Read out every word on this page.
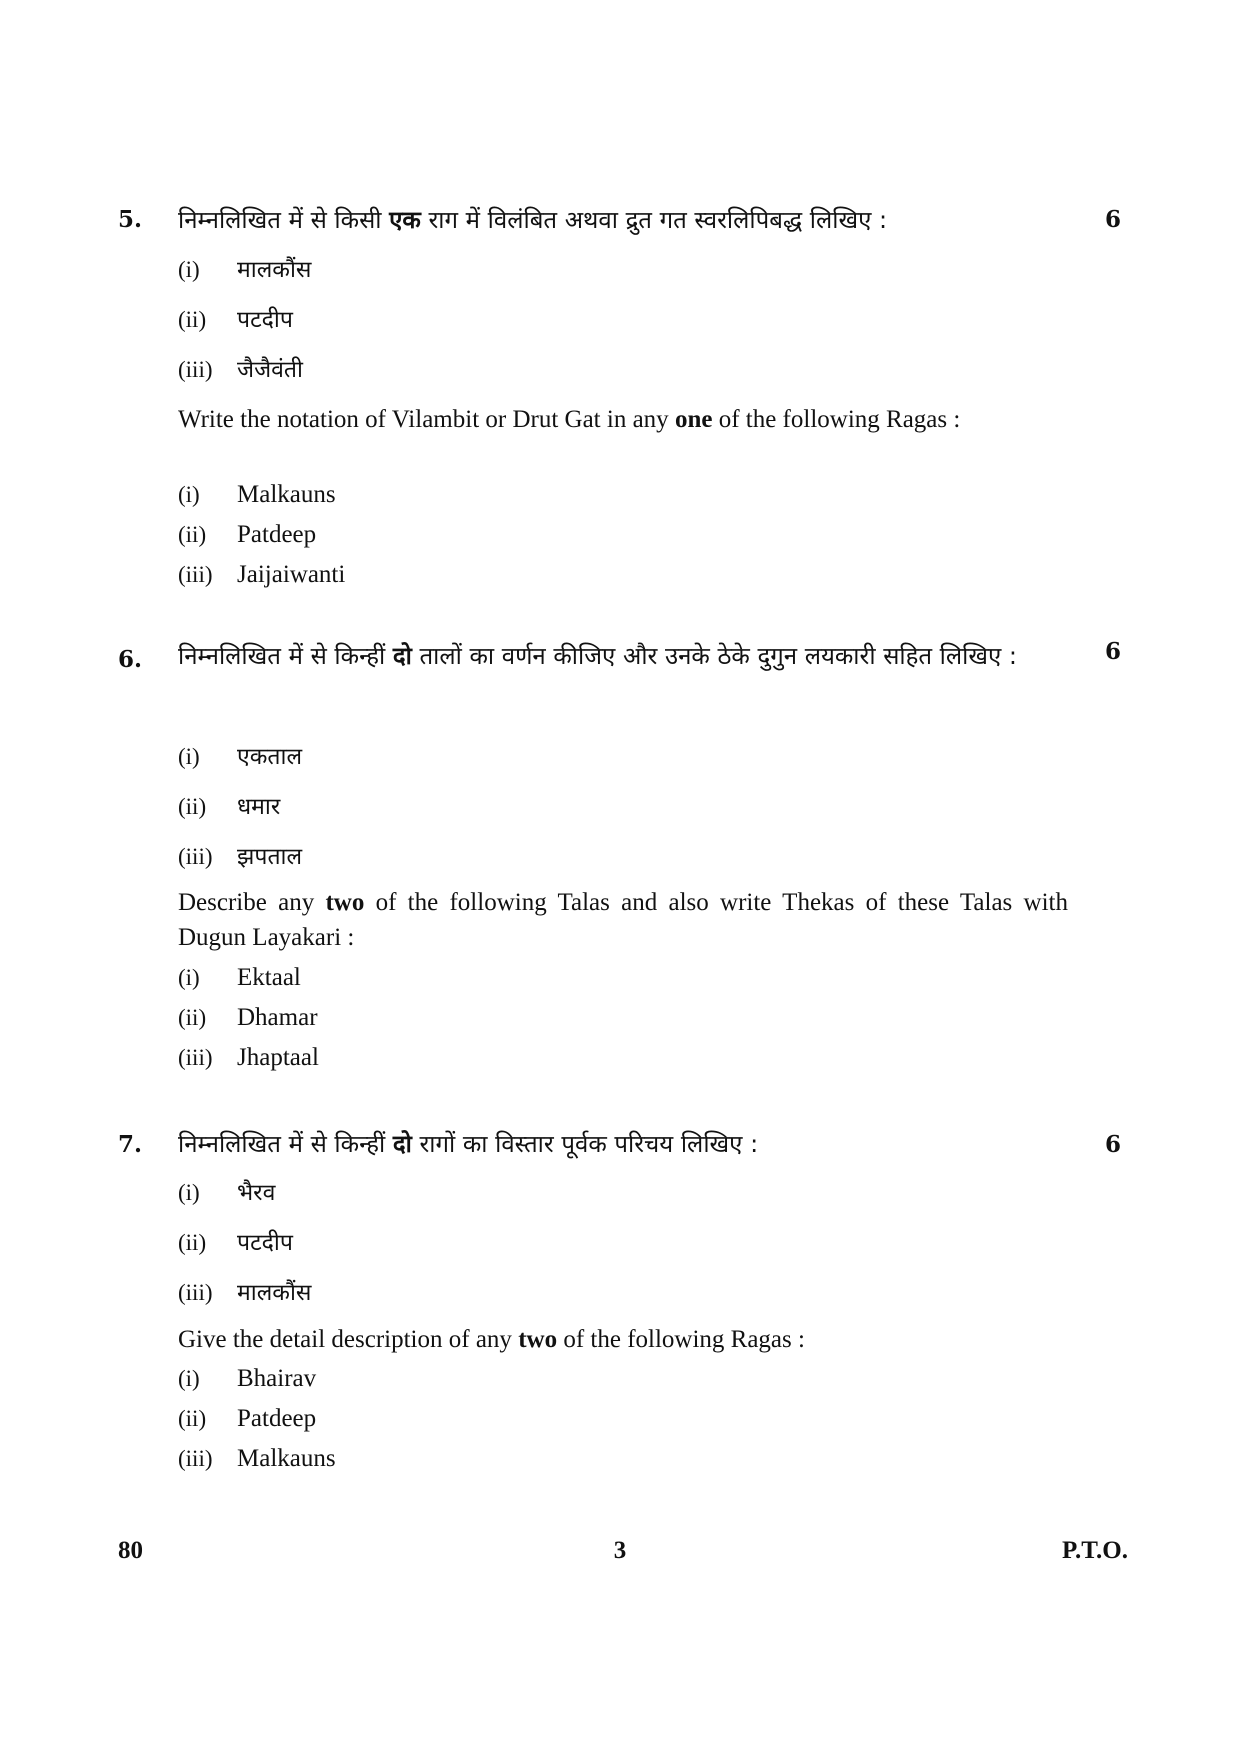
5.	6
निम्नलिखित में से किसी एक राग में विलंबित अथवा द्रुत गत स्वरलिपिबद्ध लिखिए :
(i)	मालकौंस
(ii)	पटदीप
(iii)	जैजैवंती
Write the notation of Vilambit or Drut Gat in any one of the following Ragas :
(i)	Malkauns
(ii)	Patdeep
(iii) Jaijaiwanti
6.	6
निम्नलिखित में से किन्हीं दो तालों का वर्णन कीजिए और उनके ठेके दुगुन लयकारी सहित लिखिए :
(i)	एकताल
(ii)	धमार
(iii)	झपताल
Describe any two of the following Talas and also write Thekas of these Talas with Dugun Layakari :
(i)	Ektaal
(ii)	Dhamar
(iii) Jhaptaal
7.	6
निम्नलिखित में से किन्हीं दो रागों का विस्तार पूर्वक परिचय लिखिए :
(i)	भैरव
(ii)	पटदीप
(iii)	मालकौंस
Give the detail description of any two of the following Ragas :
(i)	Bhairav
(ii)	Patdeep
(iii) Malkauns
80	3	P.T.O.
